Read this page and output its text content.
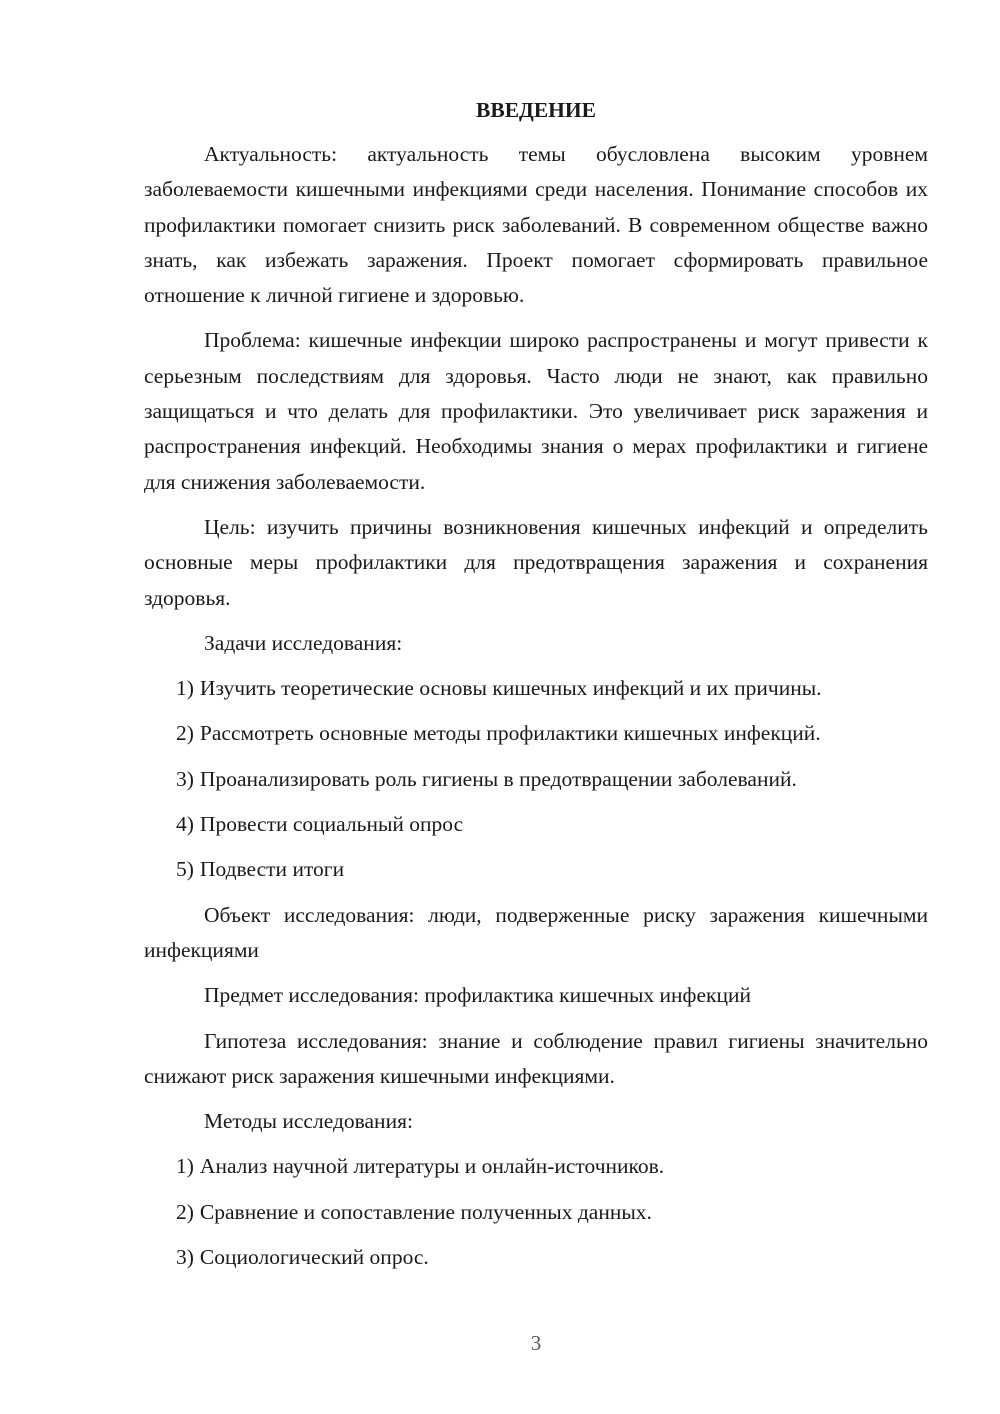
ВВЕДЕНИЕ

Актуальность: актуальность темы обусловлена высоким уровнем заболеваемости кишечными инфекциями среди населения. Понимание способов их профилактики помогает снизить риск заболеваний. В современном обществе важно знать, как избежать заражения. Проект помогает сформировать правильное отношение к личной гигиене и здоровью.

Проблема: кишечные инфекции широко распространены и могут привести к серьезным последствиям для здоровья. Часто люди не знают, как правильно защищаться и что делать для профилактики. Это увеличивает риск заражения и распространения инфекций. Необходимы знания о мерах профилактики и гигиене для снижения заболеваемости.

Цель: изучить причины возникновения кишечных инфекций и определить основные меры профилактики для предотвращения заражения и сохранения здоровья.

Задачи исследования:

1) Изучить теоретические основы кишечных инфекций и их причины.
2) Рассмотреть основные методы профилактики кишечных инфекций.
3) Проанализировать роль гигиены в предотвращении заболеваний.
4) Провести социальный опрос
5) Подвести итоги

Объект исследования: люди, подверженные риску заражения кишечными инфекциями

Предмет исследования: профилактика кишечных инфекций

Гипотеза исследования: знание и соблюдение правил гигиены значительно снижают риск заражения кишечными инфекциями.

Методы исследования:

1) Анализ научной литературы и онлайн-источников.
2) Сравнение и сопоставление полученных данных.
3) Социологический опрос.
3
